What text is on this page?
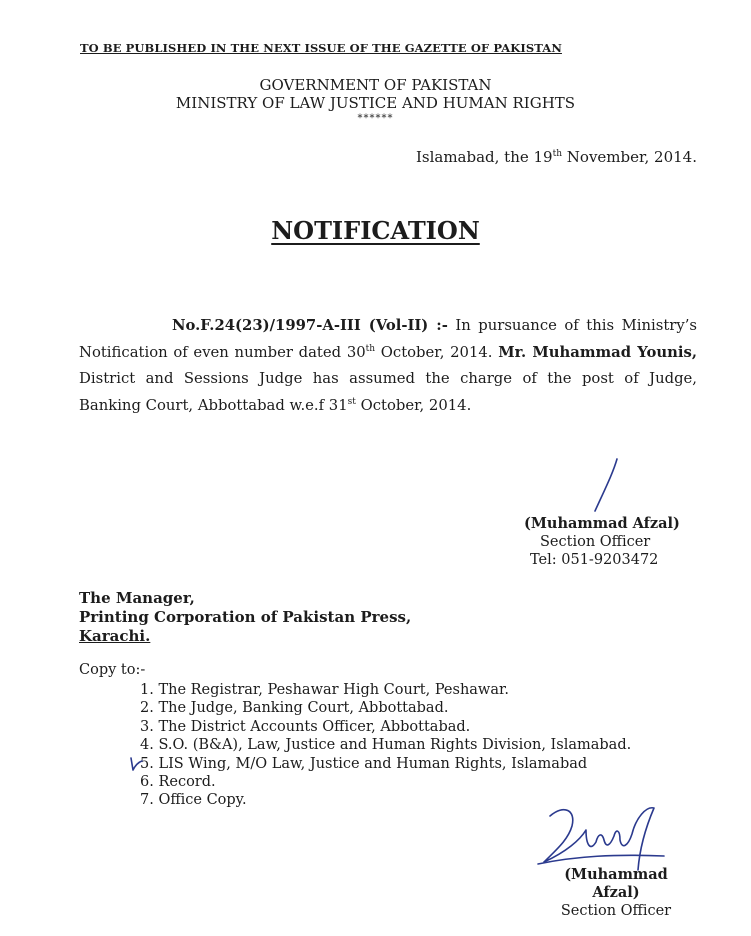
TO BE PUBLISHED IN THE NEXT ISSUE OF THE GAZETTE OF PAKISTAN
GOVERNMENT OF PAKISTAN
MINISTRY OF LAW JUSTICE AND HUMAN RIGHTS
******
Islamabad, the 19th November, 2014.
NOTIFICATION
No.F.24(23)/1997-A-III (Vol-II) :- In pursuance of this Ministry’s
Notification of even number dated 30th October, 2014. Mr. Muhammad Younis,
District and Sessions Judge has assumed the charge of the post of Judge,
Banking Court, Abbottabad w.e.f 31st October, 2014.
(Muhammad Afzal)
Section Officer
Tel: 051-9203472
The Manager,
Printing Corporation of Pakistan Press,
Karachi.
Copy to:-
1. The Registrar, Peshawar High Court, Peshawar.
2. The Judge, Banking Court, Abbottabad.
3. The District Accounts Officer, Abbottabad.
4. S.O. (B&A), Law, Justice and Human Rights Division, Islamabad.
5. LIS Wing, M/O Law, Justice and Human Rights, Islamabad
6. Record.
7. Office Copy.
(Muhammad Afzal)
Section Officer
